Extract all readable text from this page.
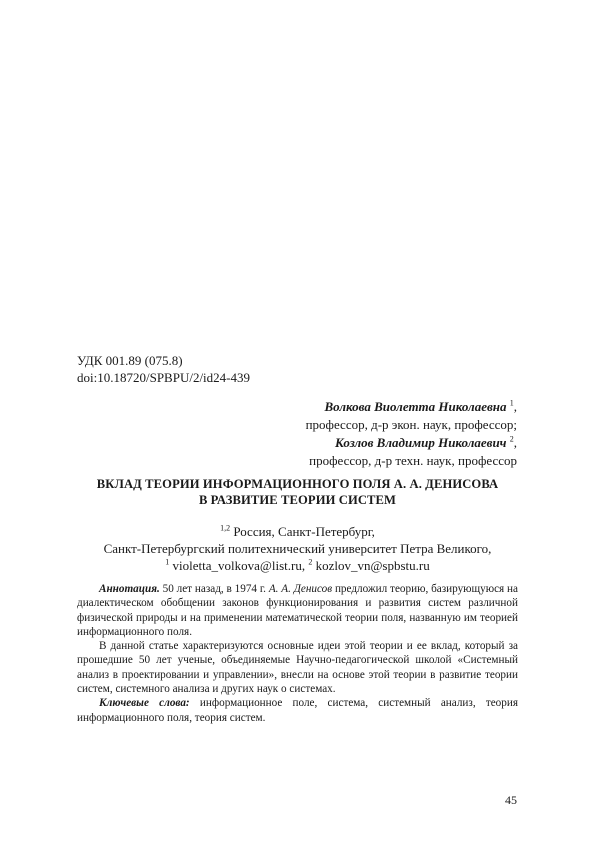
УДК 001.89 (075.8)
doi:10.18720/SPBPU/2/id24-439
Волкова Виолетта Николаевна $^1$,
профессор, д-р экон. наук, профессор;
Козлов Владимир Николаевич $^2$,
профессор, д-р техн. наук, профессор
ВКЛАД ТЕОРИИ ИНФОРМАЦИОННОГО ПОЛЯ А. А. ДЕНИСОВА
В РАЗВИТИЕ ТЕОРИИ СИСТЕМ
$^{1,2}$ Россия, Санкт-Петербург,
Санкт-Петербургский политехнический университет Петра Великого,
$^1$ violetta_volkova@list.ru, $^2$ kozlov_vn@spbstu.ru

Аннотация. 50 лет назад, в 1974 г. А. А. Денисов предложил теорию, базирующуюся на диалектическом обобщении законов функционирования и развития систем различной физической природы и на применении математической теории поля, названную им теорией информационного поля.

В данной статье характеризуются основные идеи этой теории и ее вклад, который за прошедшие 50 лет ученые, объединяемые Научно-педагогической школой «Системный анализ в проектировании и управлении», внесли на основе этой теории в развитие теории систем, системного анализа и других наук о системах.

Ключевые слова: информационное поле, система, системный анализ, теория информационного поля, теория систем.

45
